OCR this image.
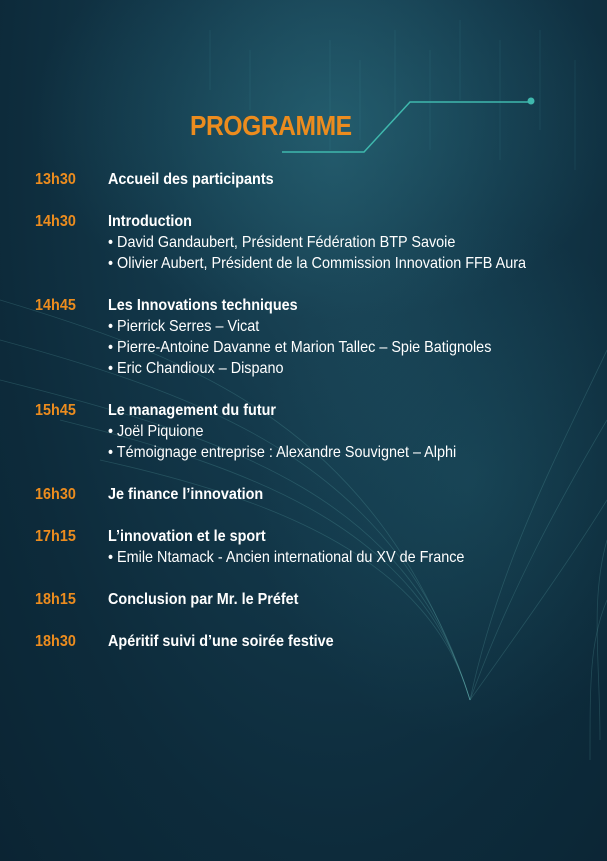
PROGRAMME
13h30 Accueil des participants
14h30 Introduction
• David Gandaubert, Président Fédération BTP Savoie
• Olivier Aubert, Président de la Commission Innovation FFB Aura
14h45 Les Innovations techniques
• Pierrick Serres – Vicat
• Pierre-Antoine Davanne et Marion Tallec – Spie Batignoles
• Eric Chandioux – Dispano
15h45 Le management du futur
• Joël Piquione
• Témoignage entreprise : Alexandre Souvignet – Alphi
16h30 Je finance l’innovation
17h15 L’innovation et le sport
• Emile Ntamack - Ancien international du XV de France
18h15 Conclusion par Mr. le Préfet
18h30 Apéritif suivi d’une soirée festive
